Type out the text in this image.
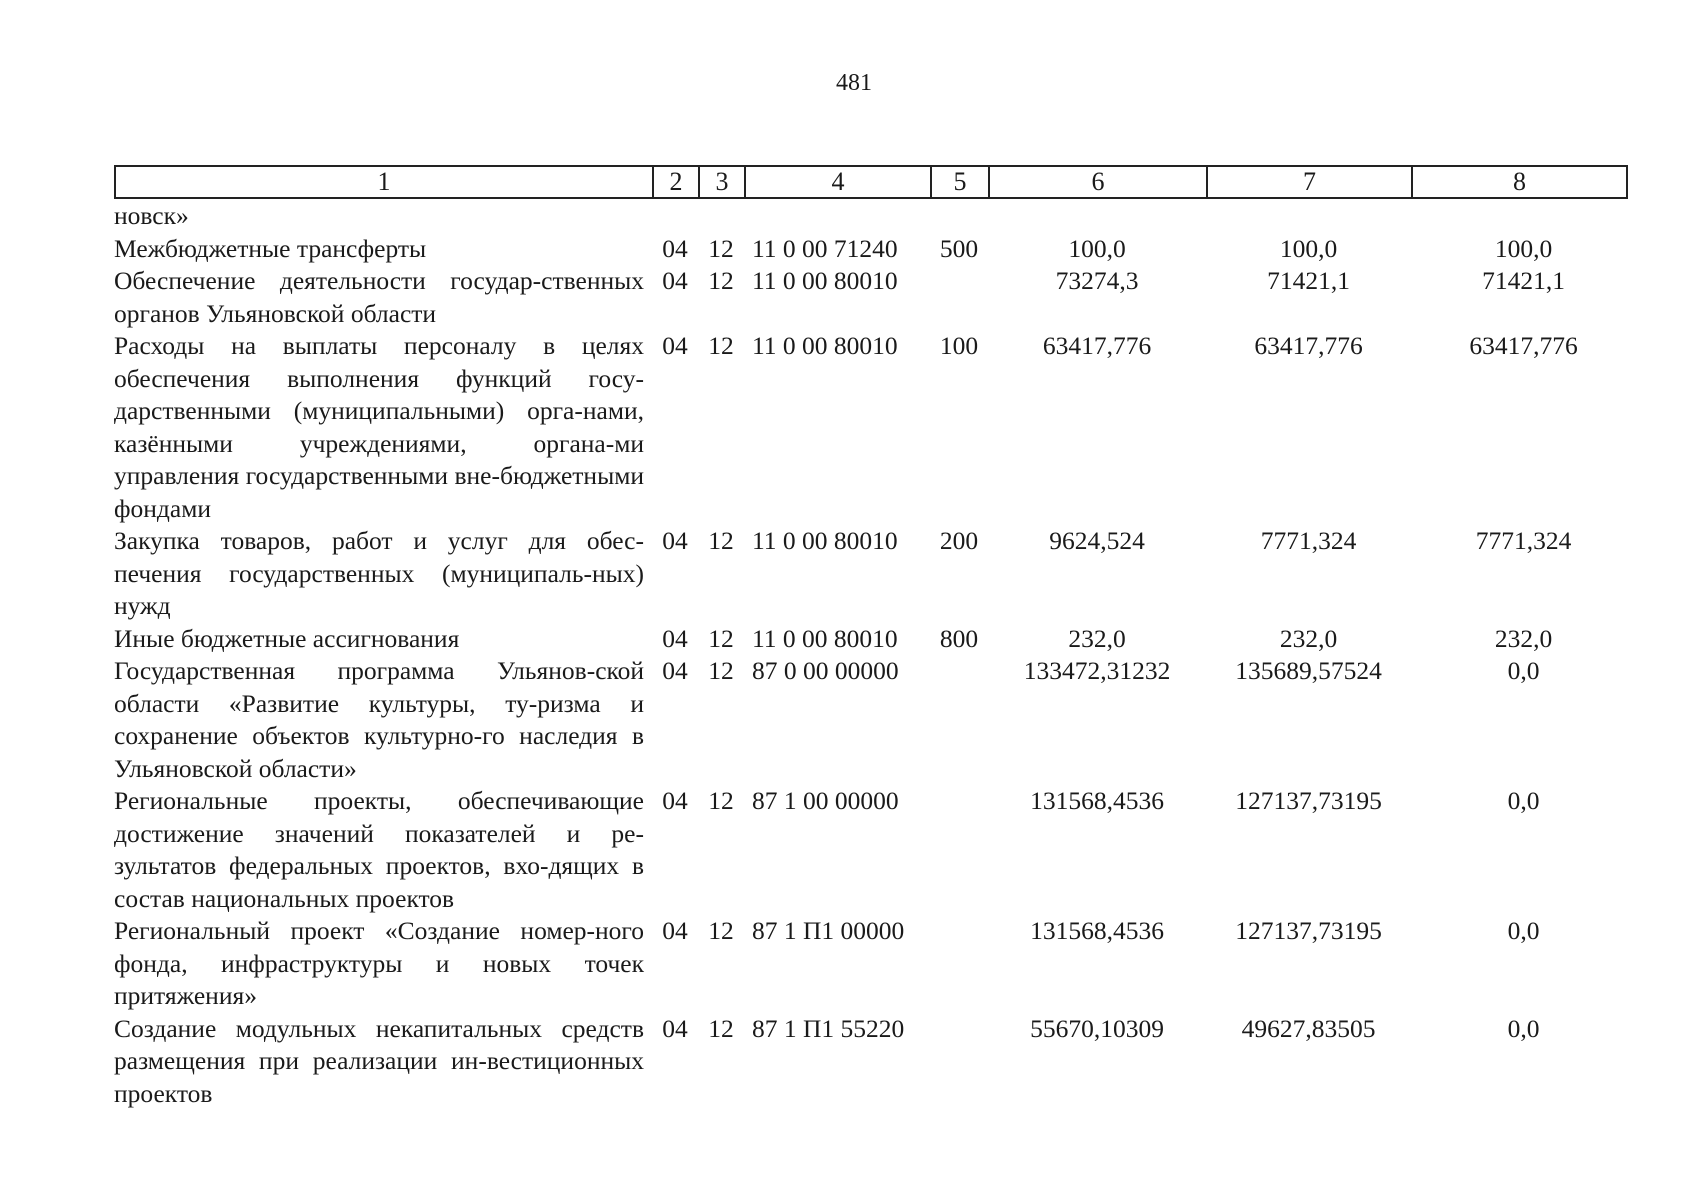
481
1	2	3	4	5	6	7	8
новск»							
Межбюджетные трансферты	04	12	11 0 00 71240	500	100,0	100,0	100,0
Обеспечение деятельности государ-ственных органов Ульяновской области	04	12	11 0 00 80010		73274,3	71421,1	71421,1
Расходы на выплаты персоналу в целях обеспечения выполнения функций госу-дарственными (муниципальными) орга-нами, казёнными учреждениями, органа-ми управления государственными вне-бюджетными фондами	04	12	11 0 00 80010	100	63417,776	63417,776	63417,776
Закупка товаров, работ и услуг для обес-печения государственных (муниципаль-ных) нужд	04	12	11 0 00 80010	200	9624,524	7771,324	7771,324
Иные бюджетные ассигнования	04	12	11 0 00 80010	800	232,0	232,0	232,0
Государственная программа Ульянов-ской области «Развитие культуры, ту-ризма и сохранение объектов культурно-го наследия в Ульяновской области»	04	12	87 0 00 00000		133472,31232	135689,57524	0,0
Региональные проекты, обеспечивающие достижение значений показателей и ре-зультатов федеральных проектов, вхо-дящих в состав национальных проектов	04	12	87 1 00 00000		131568,4536	127137,73195	0,0
Региональный проект «Создание номер-ного фонда, инфраструктуры и новых точек притяжения»	04	12	87 1 П1 00000		131568,4536	127137,73195	0,0
Создание модульных некапитальных средств размещения при реализации ин-вестиционных проектов	04	12	87 1 П1 55220		55670,10309	49627,83505	0,0
